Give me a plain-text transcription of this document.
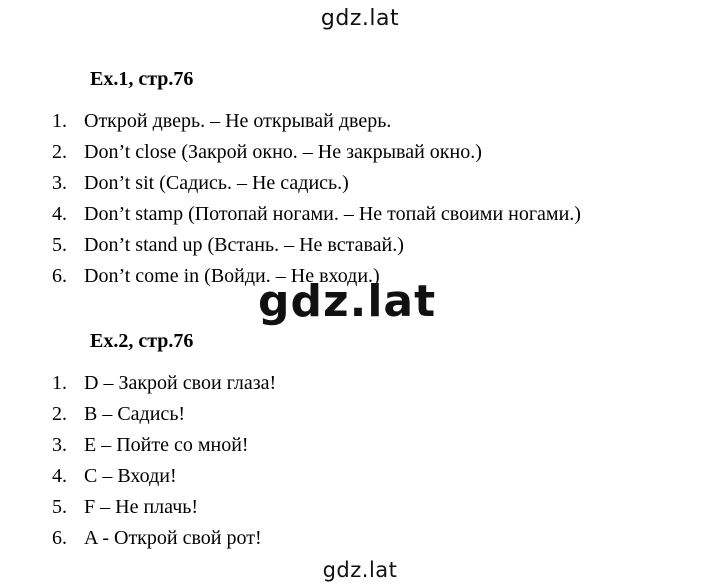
gdz.lat
Ex.1, стр.76
1. Открой дверь. – Не открывай дверь.
2. Don’t close (Закрой окно. – Не закрывай окно.)
3. Don’t sit (Садись. – Не садись.)
4. Don’t stamp (Потопай ногами. – Не топай своими ногами.)
5. Don’t stand up (Встань. – Не вставай.)
6. Don’t come in (Войди. – Не входи.)
gdz.lat
Ex.2, стр.76
1. D – Закрой свои глаза!
2. B – Садись!
3. E – Пойте со мной!
4. C – Входи!
5. F – Не плачь!
6. A - Открой свой рот!
gdz.lat
